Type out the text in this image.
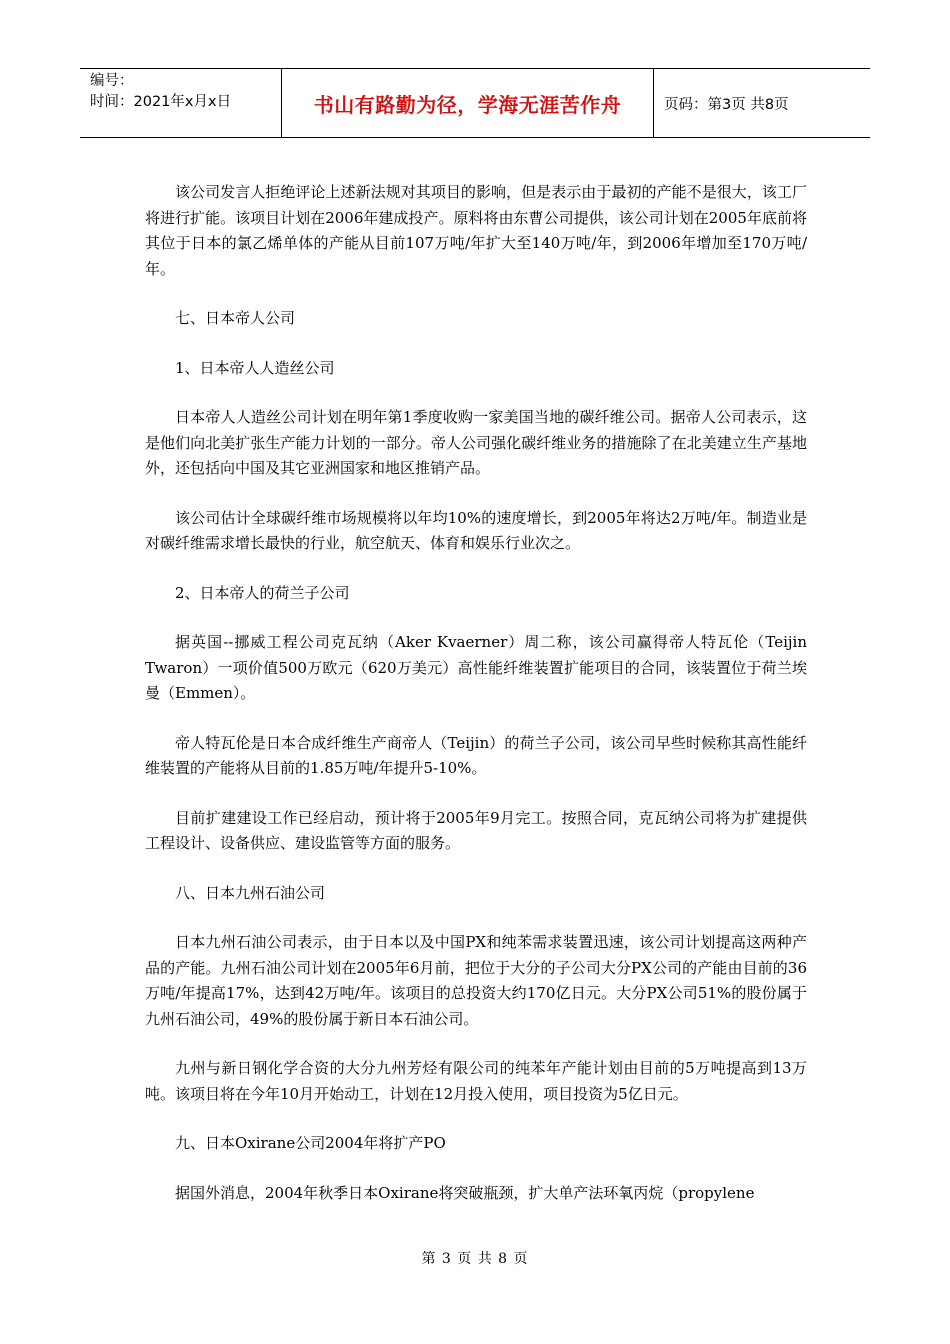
编号：
时间：2021年x月x日	书山有路勤为径，学海无涯苦作舟	页码：第3页 共8页

该公司发言人拒绝评论上述新法规对其项目的影响，但是表示由于最初的产能不是很大，该工厂将进行扩能。该项目计划在2006年建成投产。原料将由东曹公司提供，该公司计划在2005年底前将其位于日本的氯乙烯单体的产能从目前107万吨/年扩大至140万吨/年，到2006年增加至170万吨/年。

七、日本帝人公司

1、日本帝人人造丝公司

日本帝人人造丝公司计划在明年第1季度收购一家美国当地的碳纤维公司。据帝人公司表示，这是他们向北美扩张生产能力计划的一部分。帝人公司强化碳纤维业务的措施除了在北美建立生产基地外，还包括向中国及其它亚洲国家和地区推销产品。

该公司估计全球碳纤维市场规模将以年均10%的速度增长，到2005年将达2万吨/年。制造业是对碳纤维需求增长最快的行业，航空航天、体育和娱乐行业次之。

2、日本帝人的荷兰子公司

据英国--挪威工程公司克瓦纳（Aker Kvaerner）周二称，该公司赢得帝人特瓦伦（Teijin Twaron）一项价值500万欧元（620万美元）高性能纤维装置扩能项目的合同，该装置位于荷兰埃曼（Emmen）。

帝人特瓦伦是日本合成纤维生产商帝人（Teijin）的荷兰子公司，该公司早些时候称其高性能纤维装置的产能将从目前的1.85万吨/年提升5-10%。

目前扩建建设工作已经启动，预计将于2005年9月完工。按照合同，克瓦纳公司将为扩建提供工程设计、设备供应、建设监管等方面的服务。

八、日本九州石油公司

日本九州石油公司表示，由于日本以及中国PX和纯苯需求装置迅速，该公司计划提高这两种产品的产能。九州石油公司计划在2005年6月前，把位于大分的子公司大分PX公司的产能由目前的36万吨/年提高17%，达到42万吨/年。该项目的总投资大约170亿日元。大分PX公司51%的股份属于九州石油公司，49%的股份属于新日本石油公司。

九州与新日钢化学合资的大分九州芳烃有限公司的纯苯年产能计划由目前的5万吨提高到13万吨。该项目将在今年10月开始动工，计划在12月投入使用，项目投资为5亿日元。

九、日本Oxirane公司2004年将扩产PO

据国外消息，2004年秋季日本Oxirane将突破瓶颈，扩大单产法环氧丙烷（propylene

第 3 页 共 8 页
